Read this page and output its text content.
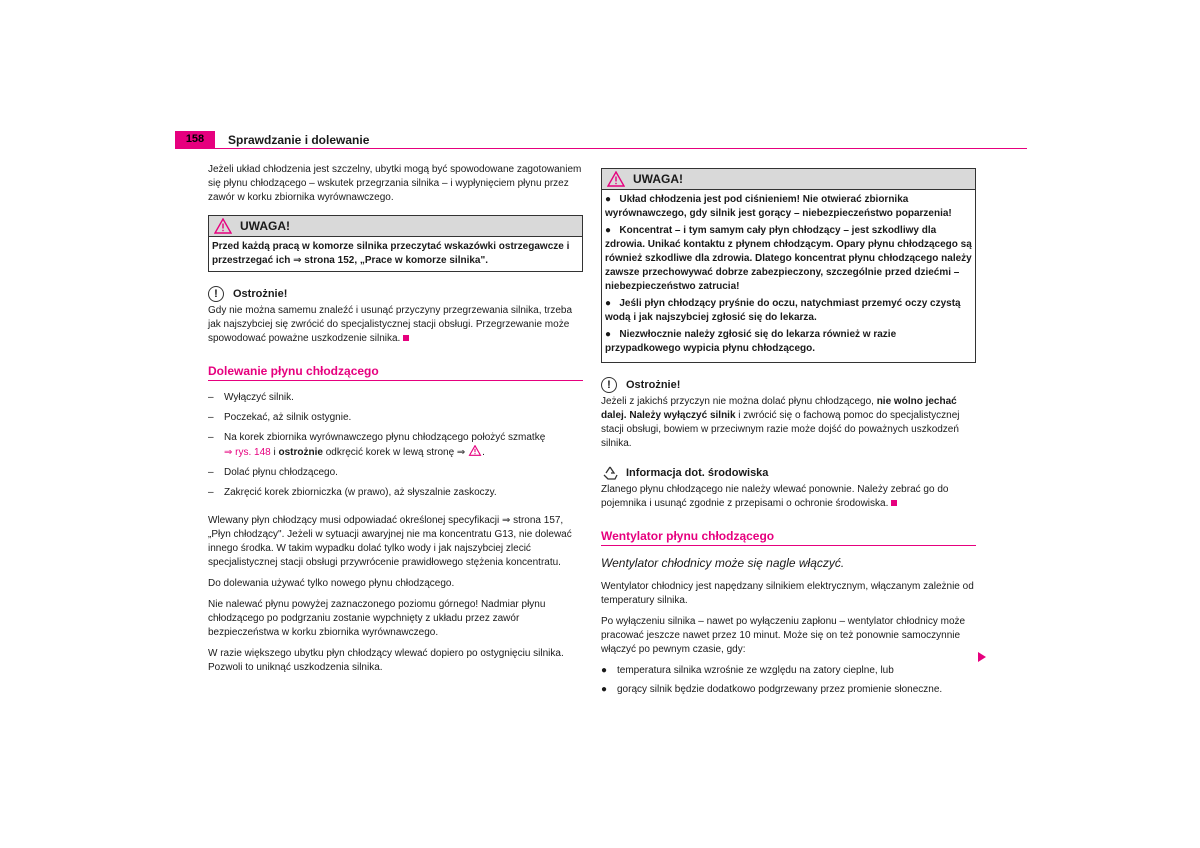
158	Sprawdzanie i dolewanie

Jeżeli układ chłodzenia jest szczelny, ubytki mogą być spowodowane zagotowaniem się płynu chłodzącego – wskutek przegrzania silnika – i wypłynięciem płynu przez zawór w korku zbiornika wyrównawczego.

UWAGA!
Przed każdą pracą w komorze silnika przeczytać wskazówki ostrzegawcze i przestrzegać ich ⇒ strona 152, „Prace w komorze silnika".
!	Ostrożnie!

Gdy nie można samemu znaleźć i usunąć przyczyny przegrzewania silnika, trzeba jak najszybciej się zwrócić do specjalistycznej stacji obsługi. Przegrzewanie może spowodować poważne uszkodzenie silnika.

Dolewanie płynu chłodzącego
– Wyłączyć silnik.
– Poczekać, aż silnik ostygnie.
– Na korek zbiornika wyrównawczego płynu chłodzącego położyć szmatkę
⇒ rys. 148 i ostrożnie odkręcić korek w lewą stronę ⇒ .
– Dolać płynu chłodzącego.
– Zakręcić korek zbiorniczka (w prawo), aż słyszalnie zaskoczy.

Wlewany płyn chłodzący musi odpowiadać określonej specyfikacji ⇒ strona 157, „Płyn chłodzący". Jeżeli w sytuacji awaryjnej nie ma koncentratu G13, nie dolewać innego środka. W takim wypadku dolać tylko wody i jak najszybciej zlecić specjalistycznej stacji obsługi przywrócenie prawidłowego stężenia koncentratu.

Do dolewania używać tylko nowego płynu chłodzącego.

Nie nalewać płynu powyżej zaznaczonego poziomu górnego! Nadmiar płynu chłodzącego po podgrzaniu zostanie wypchnięty z układu przez zawór bezpieczeństwa w korku zbiornika wyrównawczego.

W razie większego ubytku płyn chłodzący wlewać dopiero po ostygnięciu silnika. Pozwoli to uniknąć uszkodzenia silnika.

UWAGA!
●   Układ chłodzenia jest pod ciśnieniem! Nie otwierać zbiornika wyrównawczego, gdy silnik jest gorący – niebezpieczeństwo poparzenia!
●   Koncentrat – i tym samym cały płyn chłodzący – jest szkodliwy dla zdrowia. Unikać kontaktu z płynem chłodzącym. Opary płynu chłodzącego są również szkodliwe dla zdrowia. Dlatego koncentrat płynu chłodzącego należy zawsze przechowywać dobrze zabezpieczony, szczególnie przed dziećmi – niebezpieczeństwo zatrucia!
●   Jeśli płyn chłodzący pryśnie do oczu, natychmiast przemyć oczy czystą wodą i jak najszybciej zgłosić się do lekarza.
●   Niezwłocznie należy zgłosić się do lekarza również w razie przypadkowego wypicia płynu chłodzącego.
!	Ostrożnie!

Jeżeli z jakichś przyczyn nie można dolać płynu chłodzącego, nie wolno jechać dalej. Należy wyłączyć silnik i zwrócić się o fachową pomoc do specjalistycznej stacji obsługi, bowiem w przeciwnym razie może dojść do poważnych uszkodzeń silnika.

Informacja dot. środowiska

Zlanego płynu chłodzącego nie należy wlewać ponownie. Należy zebrać go do pojemnika i usunąć zgodnie z przepisami o ochronie środowiska.

Wentylator płynu chłodzącego
Wentylator chłodnicy może się nagle włączyć.

Wentylator chłodnicy jest napędzany silnikiem elektrycznym, włączanym zależnie od temperatury silnika.

Po wyłączeniu silnika – nawet po wyłączeniu zapłonu – wentylator chłodnicy może pracować jeszcze nawet przez 10 minut. Może się on też ponownie samoczynnie włączyć po pewnym czasie, gdy:

● temperatura silnika wzrośnie ze względu na zatory cieplne, lub
● gorący silnik będzie dodatkowo podgrzewany przez promienie słoneczne.
